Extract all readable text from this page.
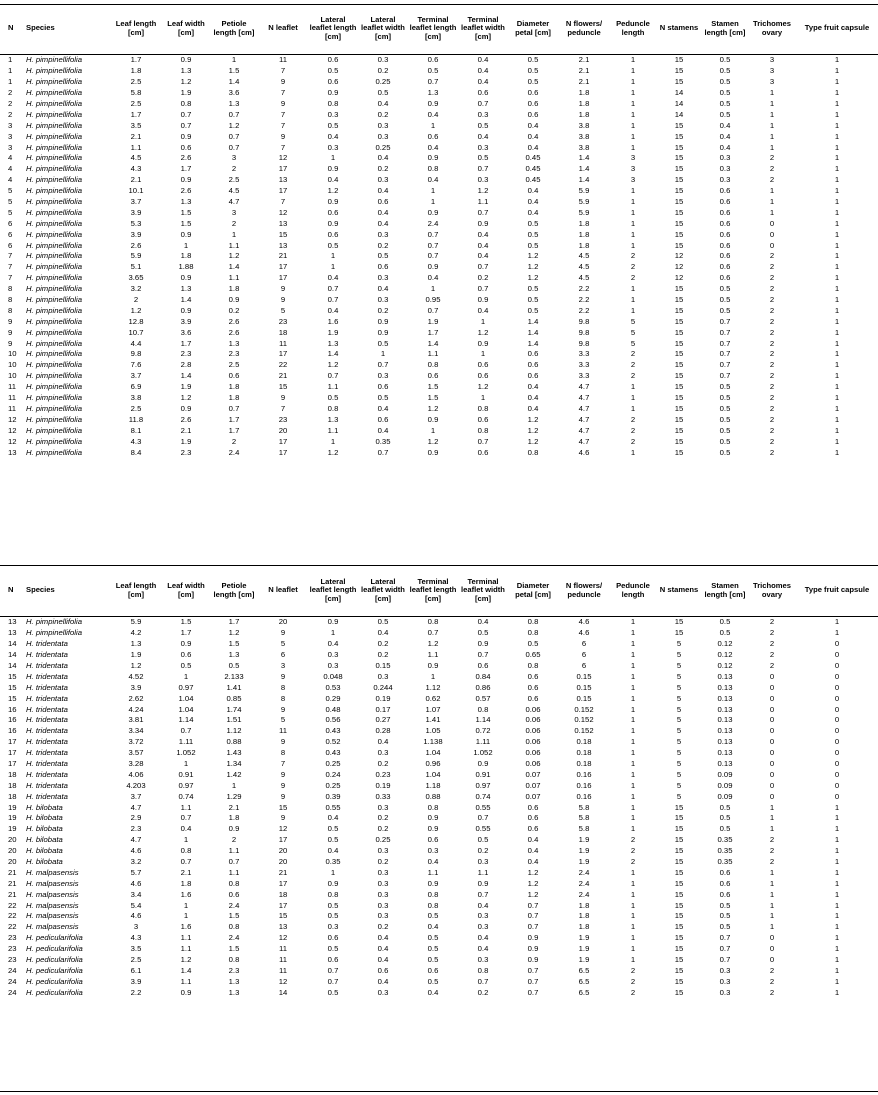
N	Species	Leaf length [cm]	Leaf width [cm]	Petiole length [cm]	N leaflet	Lateral leaflet length [cm]	Lateral leaflet width [cm]	Terminal leaflet length [cm]	Terminal leaflet width [cm]	Diameter petal [cm]	N flowers/ peduncle	Peduncle length	N stamens	Stamen length [cm]	Trichomes ovary	Type fruit capsule
1	H. pimpinellifolia	1.7	0.9	1	11	0.6	0.3	0.6	0.4	0.5	2.1	1	15	0.5	3	1
1	H. pimpinellifolia	1.8	1.3	1.5	7	0.5	0.2	0.5	0.4	0.5	2.1	1	15	0.5	3	1
1	H. pimpinellifolia	2.5	1.2	1.4	9	0.6	0.25	0.7	0.4	0.5	2.1	1	15	0.5	3	1
2	H. pimpinellifolia	5.8	1.9	3.6	7	0.9	0.5	1.3	0.6	0.6	1.8	1	14	0.5	1	1
2	H. pimpinellifolia	2.5	0.8	1.3	9	0.8	0.4	0.9	0.7	0.6	1.8	1	14	0.5	1	1
2	H. pimpinellifolia	1.7	0.7	0.7	7	0.3	0.2	0.4	0.3	0.6	1.8	1	14	0.5	1	1
3	H. pimpinellifolia	3.5	0.7	1.2	7	0.5	0.3	1	0.5	0.4	3.8	1	15	0.4	1	1
3	H. pimpinellifolia	2.1	0.9	0.7	9	0.4	0.3	0.6	0.4	0.4	3.8	1	15	0.4	1	1
3	H. pimpinellifolia	1.1	0.6	0.7	7	0.3	0.25	0.4	0.3	0.4	3.8	1	15	0.4	1	1
4	H. pimpinellifolia	4.5	2.6	3	12	1	0.4	0.9	0.5	0.45	1.4	3	15	0.3	2	1
4	H. pimpinellifolia	4.3	1.7	2	17	0.9	0.2	0.8	0.7	0.45	1.4	3	15	0.3	2	1
4	H. pimpinellifolia	2.1	0.9	2.5	13	0.4	0.3	0.4	0.3	0.45	1.4	3	15	0.3	2	1
5	H. pimpinellifolia	10.1	2.6	4.5	17	1.2	0.4	1	1.2	0.4	5.9	1	15	0.6	1	1
5	H. pimpinellifolia	3.7	1.3	4.7	7	0.9	0.6	1	1.1	0.4	5.9	1	15	0.6	1	1
5	H. pimpinellifolia	3.9	1.5	3	12	0.6	0.4	0.9	0.7	0.4	5.9	1	15	0.6	1	1
6	H. pimpinellifolia	5.3	1.5	2	13	0.9	0.4	2.4	0.9	0.5	1.8	1	15	0.6	0	1
6	H. pimpinellifolia	3.9	0.9	1	15	0.6	0.3	0.7	0.4	0.5	1.8	1	15	0.6	0	1
6	H. pimpinellifolia	2.6	1	1.1	13	0.5	0.2	0.7	0.4	0.5	1.8	1	15	0.6	0	1
7	H. pimpinellifolia	5.9	1.8	1.2	21	1	0.5	0.7	0.4	1.2	4.5	2	12	0.6	2	1
7	H. pimpinellifolia	5.1	1.88	1.4	17	1	0.6	0.9	0.7	1.2	4.5	2	12	0.6	2	1
7	H. pimpinellifolia	3.65	0.9	1.1	17	0.4	0.3	0.4	0.2	1.2	4.5	2	12	0.6	2	1
8	H. pimpinellifolia	3.2	1.3	1.8	9	0.7	0.4	1	0.7	0.5	2.2	1	15	0.5	2	1
8	H. pimpinellifolia	2	1.4	0.9	9	0.7	0.3	0.95	0.9	0.5	2.2	1	15	0.5	2	1
8	H. pimpinellifolia	1.2	0.9	0.2	5	0.4	0.2	0.7	0.4	0.5	2.2	1	15	0.5	2	1
9	H. pimpinellifolia	12.8	3.9	2.6	23	1.6	0.9	1.9	1	1.4	9.8	5	15	0.7	2	1
9	H. pimpinellifolia	10.7	3.6	2.6	18	1.9	0.9	1.7	1.2	1.4	9.8	5	15	0.7	2	1
9	H. pimpinellifolia	4.4	1.7	1.3	11	1.3	0.5	1.4	0.9	1.4	9.8	5	15	0.7	2	1
10	H. pimpinellifolia	9.8	2.3	2.3	17	1.4	1	1.1	1	0.6	3.3	2	15	0.7	2	1
10	H. pimpinellifolia	7.6	2.8	2.5	22	1.2	0.7	0.8	0.6	0.6	3.3	2	15	0.7	2	1
10	H. pimpinellifolia	3.7	1.4	0.6	21	0.7	0.3	0.6	0.6	0.6	3.3	2	15	0.7	2	1
11	H. pimpinellifolia	6.9	1.9	1.8	15	1.1	0.6	1.5	1.2	0.4	4.7	1	15	0.5	2	1
11	H. pimpinellifolia	3.8	1.2	1.8	9	0.5	0.5	1.5	1	0.4	4.7	1	15	0.5	2	1
11	H. pimpinellifolia	2.5	0.9	0.7	7	0.8	0.4	1.2	0.8	0.4	4.7	1	15	0.5	2	1
12	H. pimpinellifolia	11.8	2.6	1.7	23	1.3	0.6	0.9	0.6	1.2	4.7	2	15	0.5	2	1
12	H. pimpinellifolia	8.1	2.1	1.7	20	1.1	0.4	1	0.8	1.2	4.7	2	15	0.5	2	1
12	H. pimpinellifolia	4.3	1.9	2	17	1	0.35	1.2	0.7	1.2	4.7	2	15	0.5	2	1
13	H. pimpinellifolia	8.4	2.3	2.4	17	1.2	0.7	0.9	0.6	0.8	4.6	1	15	0.5	2	1
N	Species	Leaf length [cm]	Leaf width [cm]	Petiole length [cm]	N leaflet	Lateral leaflet length [cm]	Lateral leaflet width [cm]	Terminal leaflet length [cm]	Terminal leaflet width [cm]	Diameter petal [cm]	N flowers/ peduncle	Peduncle length	N stamens	Stamen length [cm]	Trichomes ovary	Type fruit capsule
13	H. pimpinellifolia	5.9	1.5	1.7	20	0.9	0.5	0.8	0.4	0.8	4.6	1	15	0.5	2	1
13	H. pimpinellifolia	4.2	1.7	1.2	9	1	0.4	0.7	0.5	0.8	4.6	1	15	0.5	2	1
14	H. tridentata	1.3	0.9	1.5	5	0.4	0.2	1.2	0.9	0.5	6	1	5	0.12	2	0
14	H. tridentata	1.9	0.6	1.3	6	0.3	0.2	1.1	0.7	0.65	6	1	5	0.12	2	0
14	H. tridentata	1.2	0.5	0.5	3	0.3	0.15	0.9	0.6	0.8	6	1	5	0.12	2	0
15	H. tridentata	4.52	1	2.133	9	0.048	0.3	1	0.84	0.6	0.15	1	5	0.13	0	0
15	H. tridentata	3.9	0.97	1.41	8	0.53	0.244	1.12	0.86	0.6	0.15	1	5	0.13	0	0
15	H. tridentata	2.62	1.04	0.85	8	0.29	0.19	0.62	0.57	0.6	0.15	1	5	0.13	0	0
16	H. tridentata	4.24	1.04	1.74	9	0.48	0.17	1.07	0.8	0.06	0.152	1	5	0.13	0	0
16	H. tridentata	3.81	1.14	1.51	5	0.56	0.27	1.41	1.14	0.06	0.152	1	5	0.13	0	0
16	H. tridentata	3.34	0.7	1.12	11	0.43	0.28	1.05	0.72	0.06	0.152	1	5	0.13	0	0
17	H. tridentata	3.72	1.11	0.88	9	0.52	0.4	1.138	1.11	0.06	0.18	1	5	0.13	0	0
17	H. tridentata	3.57	1.052	1.43	8	0.43	0.3	1.04	1.052	0.06	0.18	1	5	0.13	0	0
17	H. tridentata	3.28	1	1.34	7	0.25	0.2	0.96	0.9	0.06	0.18	1	5	0.13	0	0
18	H. tridentata	4.06	0.91	1.42	9	0.24	0.23	1.04	0.91	0.07	0.16	1	5	0.09	0	0
18	H. tridentata	4.203	0.97	1	9	0.25	0.19	1.18	0.97	0.07	0.16	1	5	0.09	0	0
18	H. tridentata	3.7	0.74	1.29	9	0.39	0.33	0.88	0.74	0.07	0.16	1	5	0.09	0	0
19	H. bilobata	4.7	1.1	2.1	15	0.55	0.3	0.8	0.55	0.6	5.8	1	15	0.5	1	1
19	H. bilobata	2.9	0.7	1.8	9	0.4	0.2	0.9	0.7	0.6	5.8	1	15	0.5	1	1
19	H. bilobata	2.3	0.4	0.9	12	0.5	0.2	0.9	0.55	0.6	5.8	1	15	0.5	1	1
20	H. bilobata	4.7	1	2	17	0.5	0.25	0.6	0.5	0.4	1.9	2	15	0.35	2	1
20	H. bilobata	4.6	0.8	1.1	20	0.4	0.3	0.3	0.2	0.4	1.9	2	15	0.35	2	1
20	H. bilobata	3.2	0.7	0.7	20	0.35	0.2	0.4	0.3	0.4	1.9	2	15	0.35	2	1
21	H. malpasensis	5.7	2.1	1.1	21	1	0.3	1.1	1.1	1.2	2.4	1	15	0.6	1	1
21	H. malpasensis	4.6	1.8	0.8	17	0.9	0.3	0.9	0.9	1.2	2.4	1	15	0.6	1	1
21	H. malpasensis	3.4	1.6	0.6	18	0.8	0.3	0.8	0.7	1.2	2.4	1	15	0.6	1	1
22	H. malpasensis	5.4	1	2.4	17	0.5	0.3	0.8	0.4	0.7	1.8	1	15	0.5	1	1
22	H. malpasensis	4.6	1	1.5	15	0.5	0.3	0.5	0.3	0.7	1.8	1	15	0.5	1	1
22	H. malpasensis	3	1.6	0.8	13	0.3	0.2	0.4	0.3	0.7	1.8	1	15	0.5	1	1
23	H. pedicularifolia	4.3	1.1	2.4	12	0.6	0.4	0.5	0.4	0.9	1.9	1	15	0.7	0	1
23	H. pedicularifolia	3.5	1.1	1.5	11	0.5	0.4	0.5	0.4	0.9	1.9	1	15	0.7	0	1
23	H. pedicularifolia	2.5	1.2	0.8	11	0.6	0.4	0.5	0.3	0.9	1.9	1	15	0.7	0	1
24	H. pedicularifolia	6.1	1.4	2.3	11	0.7	0.6	0.6	0.8	0.7	6.5	2	15	0.3	2	1
24	H. pedicularifolia	3.9	1.1	1.3	12	0.7	0.4	0.5	0.7	0.7	6.5	2	15	0.3	2	1
24	H. pedicularifolia	2.2	0.9	1.3	14	0.5	0.3	0.4	0.2	0.7	6.5	2	15	0.3	2	1
